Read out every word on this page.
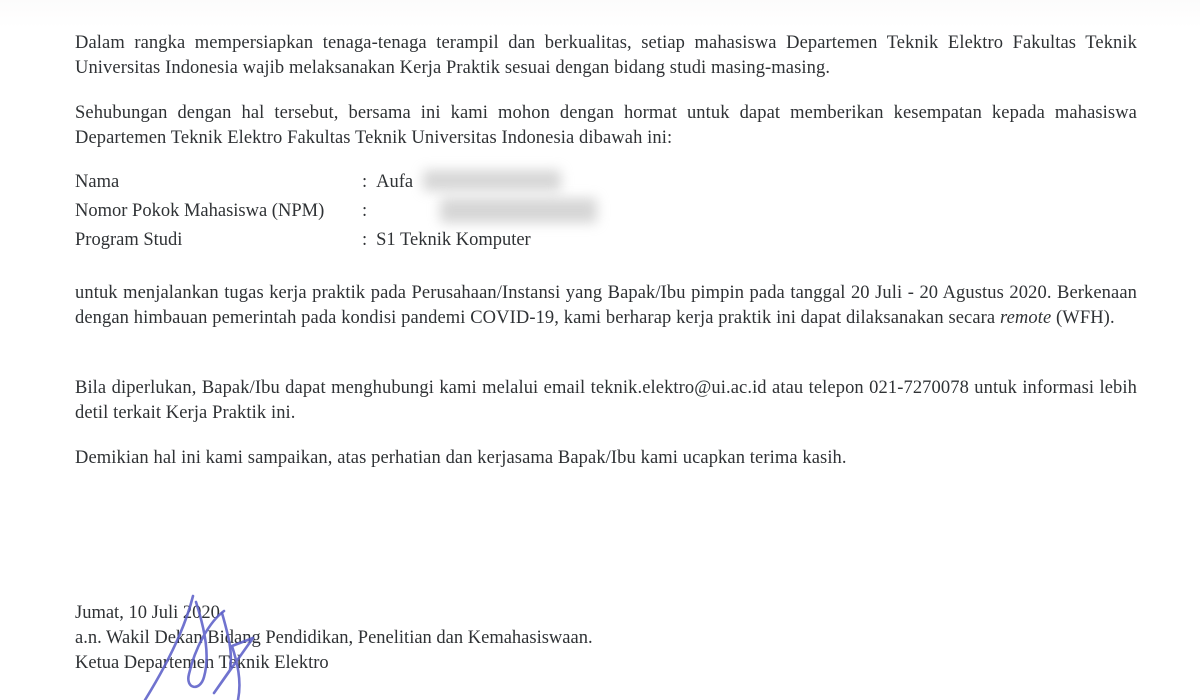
Dalam rangka mempersiapkan tenaga-tenaga terampil dan berkualitas, setiap mahasiswa Departemen Teknik Elektro Fakultas Teknik Universitas Indonesia wajib melaksanakan Kerja Praktik sesuai dengan bidang studi masing-masing.

Sehubungan dengan hal tersebut, bersama ini kami mohon dengan hormat untuk dapat memberikan kesempatan kepada mahasiswa Departemen Teknik Elektro Fakultas Teknik Universitas Indonesia dibawah ini:

Nama	: Aufa
Nomor Pokok Mahasiswa (NPM)	:
Program Studi	: S1 Teknik Komputer

untuk menjalankan tugas kerja praktik pada Perusahaan/Instansi yang Bapak/Ibu pimpin pada tanggal 20 Juli - 20 Agustus 2020. Berkenaan dengan himbauan pemerintah pada kondisi pandemi COVID-19, kami berharap kerja praktik ini dapat dilaksanakan secara remote (WFH).

Bila diperlukan, Bapak/Ibu dapat menghubungi kami melalui email teknik.elektro@ui.ac.id atau telepon 021-7270078 untuk informasi lebih detil terkait Kerja Praktik ini.

Demikian hal ini kami sampaikan, atas perhatian dan kerjasama Bapak/Ibu kami ucapkan terima kasih.

Jumat, 10 Juli 2020

a.n. Wakil Dekan Bidang Pendidikan, Penelitian dan Kemahasiswaan.

Ketua Departemen Teknik Elektro
